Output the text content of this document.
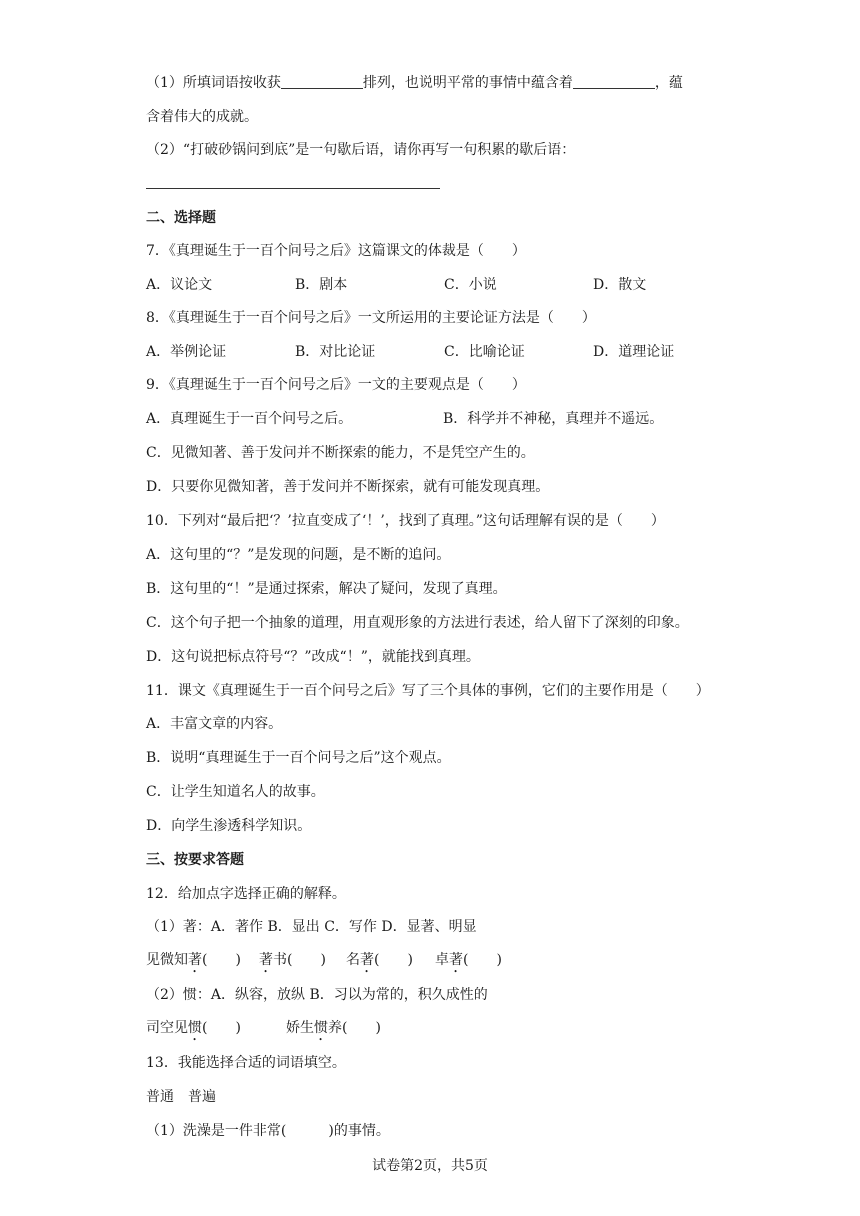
（1）所填词语按收获	排列，也说明平常的事情中蕴含着	，蕴
含着伟大的成就。
（2）“打破砂锅问到底”是一句歇后语，请你再写一句积累的歇后语：
二、选择题
7．《真理诞生于一百个问号之后》这篇课文的体裁是（　　）
A．议论文	B．剧本	C．小说	D．散文
8．《真理诞生于一百个问号之后》一文所运用的主要论证方法是（　　）
A．举例论证	B．对比论证	C．比喻论证	D．道理论证
9．《真理诞生于一百个问号之后》一文的主要观点是（　　）
A．真理诞生于一百个问号之后。	B．科学并不神秘，真理并不遥远。
C．见微知著、善于发问并不断探索的能力，不是凭空产生的。
D．只要你见微知著，善于发问并不断探索，就有可能发现真理。
10．下列对“最后把‘？’拉直变成了‘！’，找到了真理。”这句话理解有误的是（　　）
A．这句里的“？”是发现的问题，是不断的追问。
B．这句里的“！”是通过探索，解决了疑问，发现了真理。
C．这个句子把一个抽象的道理，用直观形象的方法进行表述，给人留下了深刻的印象。
D．这句说把标点符号“？”改成“！”，就能找到真理。
11．课文《真理诞生于一百个问号之后》写了三个具体的事例，它们的主要作用是（　　）
A．丰富文章的内容。
B．说明“真理诞生于一百个问号之后”这个观点。
C．让学生知道名人的故事。
D．向学生渗透科学知识。
三、按要求答题
12．给加点字选择正确的解释。
（1）著：A．著作 B．显出 C．写作 D．显著、明显
见微知著(　　)	著书(　　)	名著(　　)	卓著(　　)
（2）惯：A．纵容，放纵 B．习以为常的，积久成性的
司空见惯(　　)	娇生惯养(　　)
13．我能选择合适的词语填空。
普通　普遍
（1）洗澡是一件非常(　　　)的事情。
试卷第2页，共5页
